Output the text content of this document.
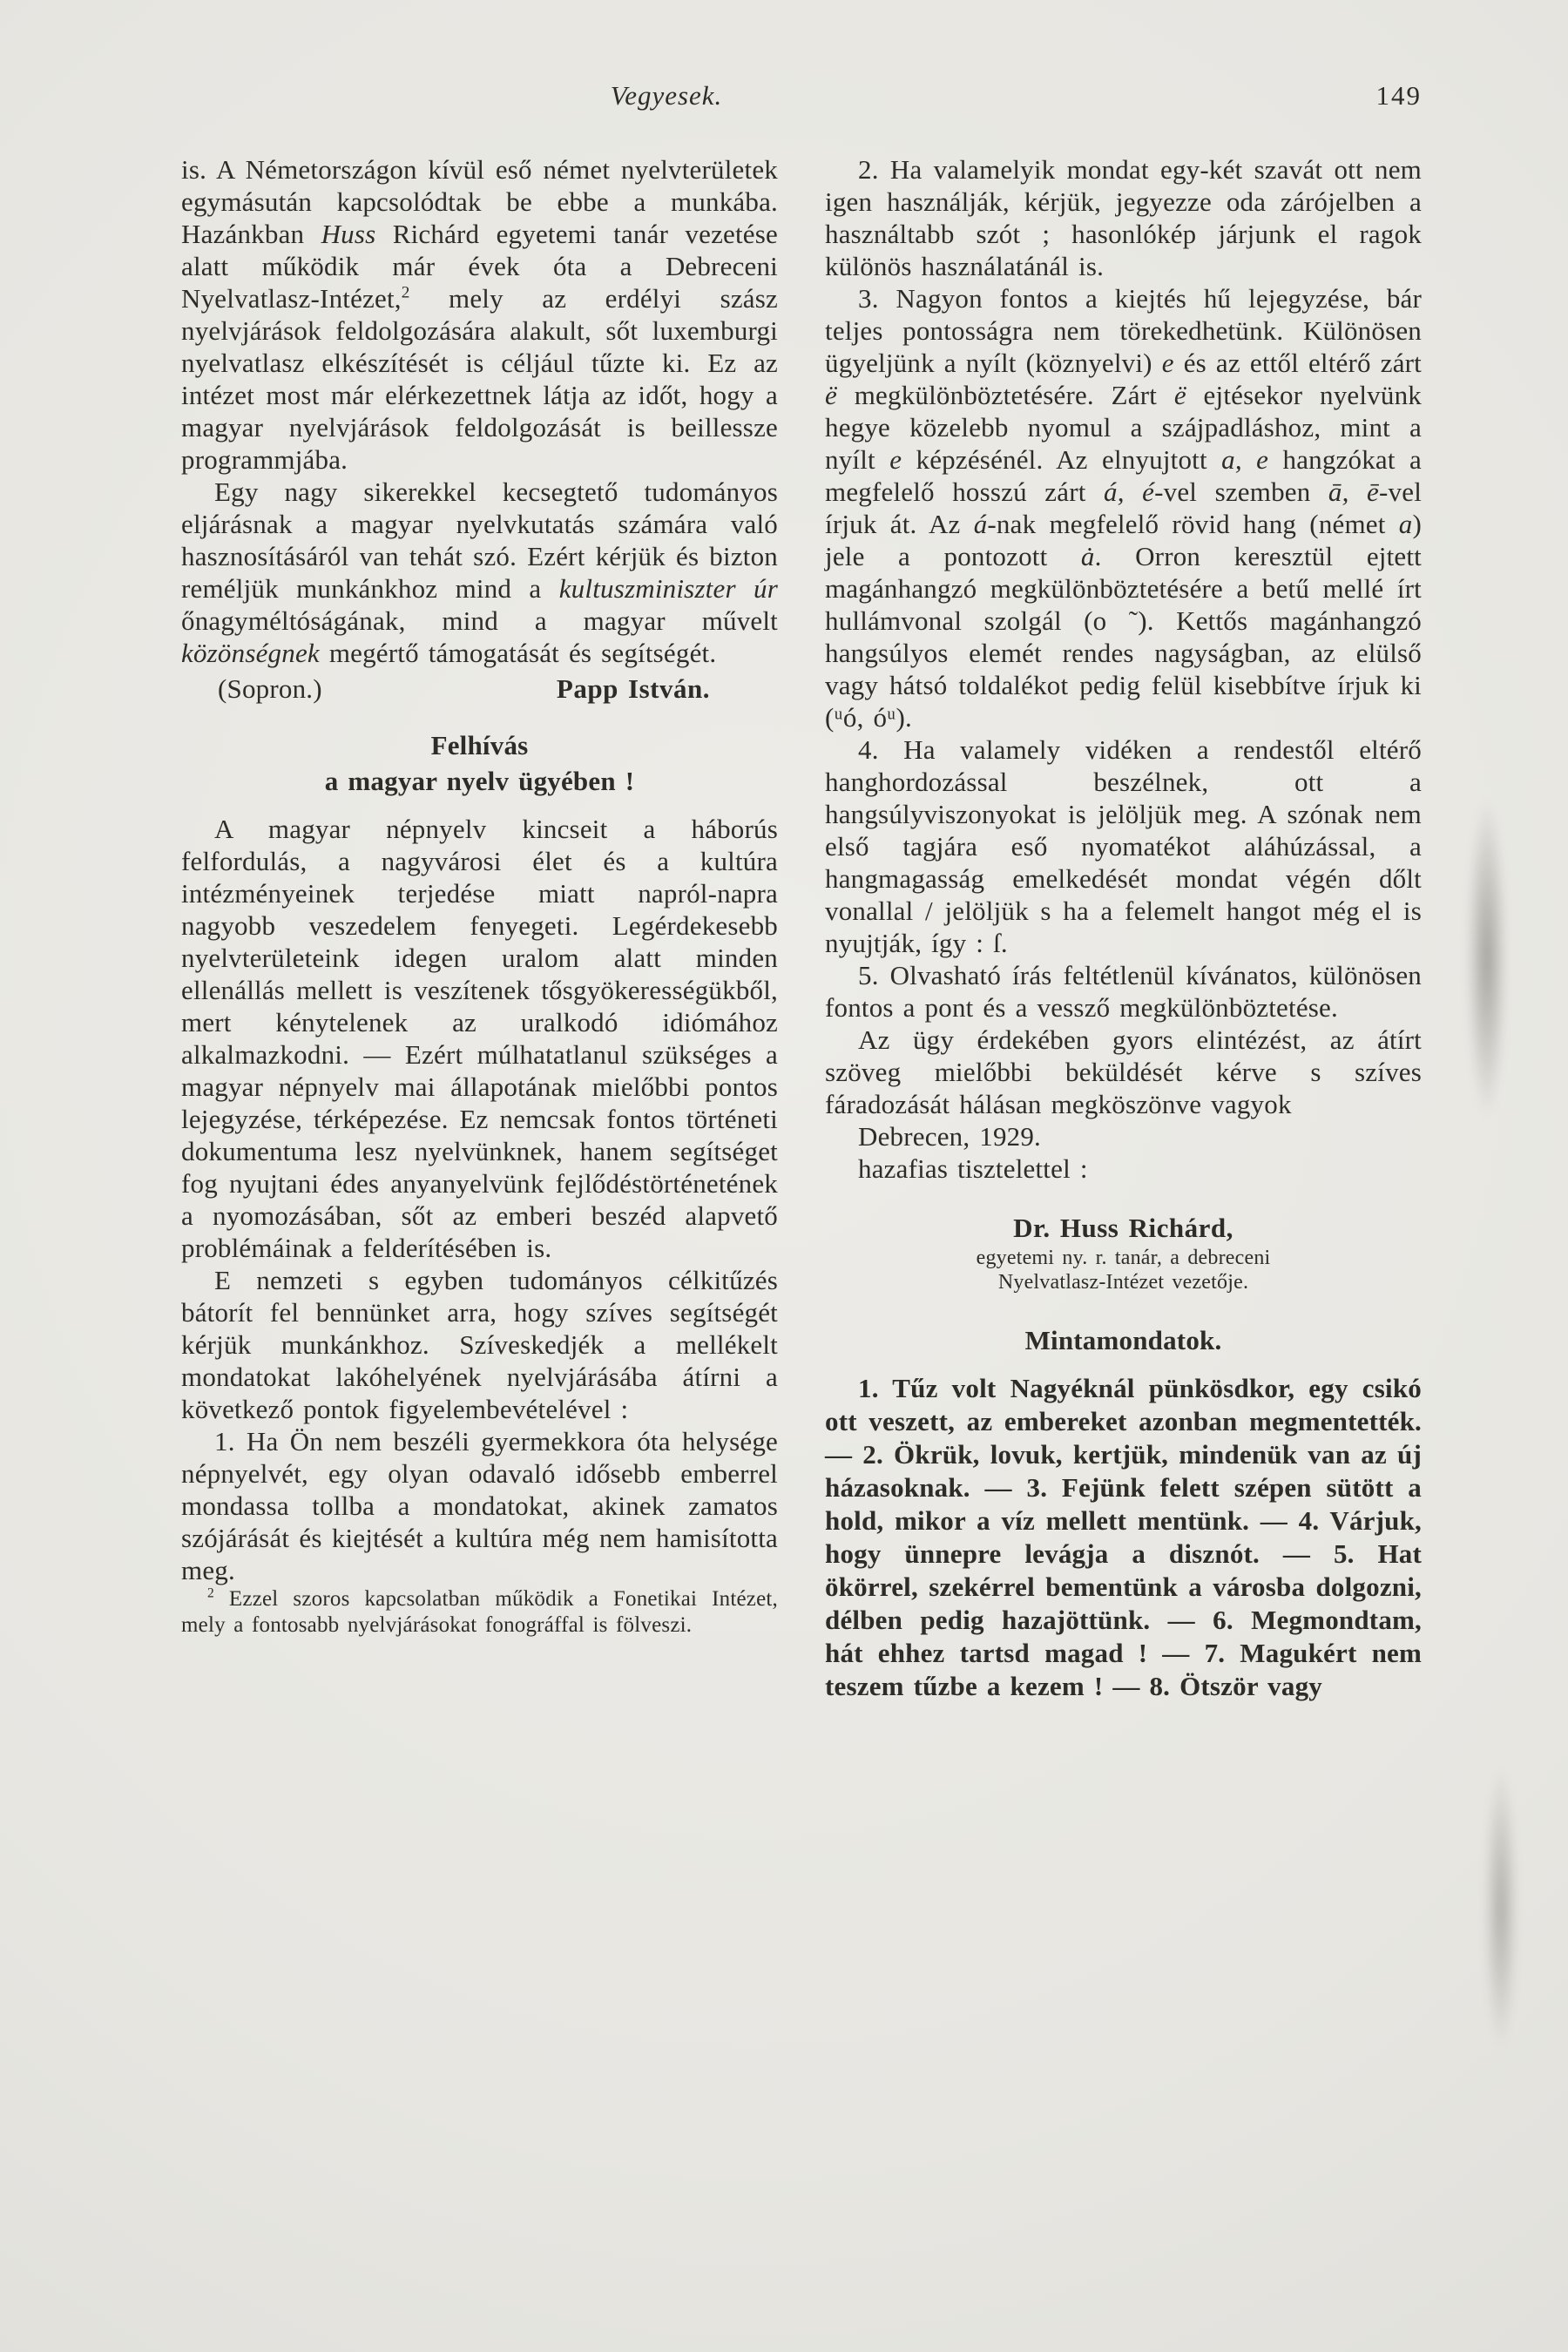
Vegyesek.	149

is. A Németországon kívül eső német nyelvterületek egymásután kapcsolódtak be ebbe a munkába. Hazánkban Huss Richárd egyetemi tanár vezetése alatt működik már évek óta a Debreceni Nyelvatlasz-Intézet,$^2$ mely az erdélyi szász nyelvjárások feldolgozására alakult, sőt luxemburgi nyelvatlasz elkészítését is céljául tűzte ki. Ez az intézet most már elérkezettnek látja az időt, hogy a magyar nyelvjárások feldolgozását is beillessze programmjába.

Egy nagy sikerekkel kecsegtető tudományos eljárásnak a magyar nyelvkutatás számára való hasznosításáról van tehát szó. Ezért kérjük és bizton reméljük munkánkhoz mind a kultuszminiszter úr őnagyméltóságának, mind a magyar művelt közönségnek megértő támogatását és segítségét.

(Sopron.)	Papp István.
Felhívás
a magyar nyelv ügyében !

A magyar népnyelv kincseit a háborús felfordulás, a nagyvárosi élet és a kultúra intézményeinek terjedése miatt napról-napra nagyobb veszedelem fenyegeti. Legérdekesebb nyelvterületeink idegen uralom alatt minden ellenállás mellett is veszítenek tősgyökerességükből, mert kénytelenek az uralkodó idiómához alkalmazkodni. — Ezért múlhatatlanul szükséges a magyar népnyelv mai állapotának mielőbbi pontos lejegyzése, térképezése. Ez nemcsak fontos történeti dokumentuma lesz nyelvünknek, hanem segítséget fog nyujtani édes anyanyelvünk fejlődéstörténetének a nyomozásában, sőt az emberi beszéd alapvető problémáinak a felderítésében is.

E nemzeti s egyben tudományos célkitűzés bátorít fel bennünket arra, hogy szíves segítségét kérjük munkánkhoz. Szíveskedjék a mellékelt mondatokat lakóhelyének nyelvjárásába átírni a következő pontok figyelembevételével :

1. Ha Ön nem beszéli gyermekkora óta helysége népnyelvét, egy olyan odavaló idősebb emberrel mondassa tollba a mondatokat, akinek zamatos szójárását és kiejtését a kultúra még nem hamisította meg.

$^2$ Ezzel szoros kapcsolatban működik a Fonetikai Intézet, mely a fontosabb nyelvjárásokat fonográffal is fölveszi.

2. Ha valamelyik mondat egy-két szavát ott nem igen használják, kérjük, jegyezze oda zárójelben a használtabb szót ; hasonlókép járjunk el ragok különös használatánál is.

3. Nagyon fontos a kiejtés hű lejegyzése, bár teljes pontosságra nem törekedhetünk. Különösen ügyeljünk a nyílt (köznyelvi) e és az ettől eltérő zárt ë megkülönböztetésére. Zárt ë ejtésekor nyelvünk hegye közelebb nyomul a szájpadláshoz, mint a nyílt e képzésénél. Az elnyujtott a, e hangzókat a megfelelő hosszú zárt á, é-vel szemben ā, ē-vel írjuk át. Az á-nak megfelelő rövid hang (német a) jele a pontozott ȧ. Orron keresztül ejtett magánhangzó megkülönböztetésére a betű mellé írt hullámvonal szolgál (o ˜). Kettős magánhangzó hangsúlyos elemét rendes nagyságban, az elülső vagy hátsó toldalékot pedig felül kisebbítve írjuk ki (ᵘó, óᵘ).

4. Ha valamely vidéken a rendestől eltérő hanghordozással beszélnek, ott a hangsúlyviszonyokat is jelöljük meg. A szónak nem első tagjára eső nyomatékot aláhúzással, a hangmagasság emelkedését mondat végén dőlt vonallal / jelöljük s ha a felemelt hangot még el is nyujtják, így : ſ.

5. Olvasható írás feltétlenül kívánatos, különösen fontos a pont és a vessző megkülönböztetése.

Az ügy érdekében gyors elintézést, az átírt szöveg mielőbbi beküldését kérve s szíves fáradozását hálásan megköszönve vagyok

Debrecen, 1929.

hazafias tisztelettel :

Dr. Huss Richárd,
egyetemi ny. r. tanár, a debreceni
Nyelvatlasz-Intézet vezetője.
Mintamondatok.

1. Tűz volt Nagyéknál pünkösdkor, egy csikó ott veszett, az embereket azonban megmentették. — 2. Ökrük, lovuk, kertjük, mindenük van az új házasoknak. — 3. Fejünk felett szépen sütött a hold, mikor a víz mellett mentünk. — 4. Várjuk, hogy ünnepre levágja a disznót. — 5. Hat ökörrel, szekérrel bementünk a városba dolgozni, délben pedig hazajöttünk. — 6. Megmondtam, hát ehhez tartsd magad ! — 7. Magukért nem teszem tűzbe a kezem ! — 8. Ötször vagy
